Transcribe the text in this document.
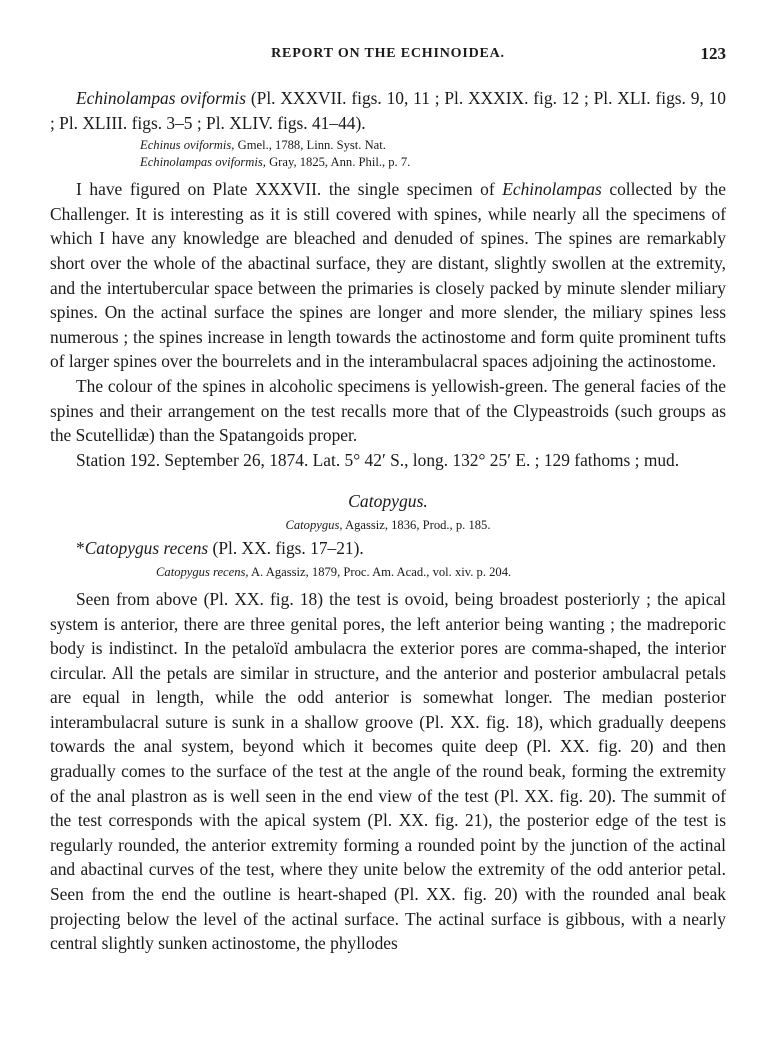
REPORT ON THE ECHINOIDEA.	123

Echinolampas oviformis (Pl. XXXVII. figs. 10, 11 ; Pl. XXXIX. fig. 12 ; Pl. XLI. figs. 9, 10 ; Pl. XLIII. figs. 3–5 ; Pl. XLIV. figs. 41–44).

Echinus oviformis, Gmel., 1788, Linn. Syst. Nat.
Echinolampas oviformis, Gray, 1825, Ann. Phil., p. 7.

I have figured on Plate XXXVII. the single specimen of Echinolampas collected by the Challenger. It is interesting as it is still covered with spines, while nearly all the specimens of which I have any knowledge are bleached and denuded of spines. The spines are remarkably short over the whole of the abactinal surface, they are distant, slightly swollen at the extremity, and the intertubercular space between the primaries is closely packed by minute slender miliary spines. On the actinal surface the spines are longer and more slender, the miliary spines less numerous ; the spines increase in length towards the actinostome and form quite prominent tufts of larger spines over the bourrelets and in the interambulacral spaces adjoining the actinostome.

The colour of the spines in alcoholic specimens is yellowish-green. The general facies of the spines and their arrangement on the test recalls more that of the Clypeastroids (such groups as the Scutellidæ) than the Spatangoids proper.

Station 192. September 26, 1874. Lat. 5° 42′ S., long. 132° 25′ E. ; 129 fathoms ; mud.

Catopygus.
Catopygus, Agassiz, 1836, Prod., p. 185.

*Catopygus recens (Pl. XX. figs. 17–21).

Catopygus recens, A. Agassiz, 1879, Proc. Am. Acad., vol. xiv. p. 204.

Seen from above (Pl. XX. fig. 18) the test is ovoid, being broadest posteriorly ; the apical system is anterior, there are three genital pores, the left anterior being wanting ; the madreporic body is indistinct. In the petaloïd ambulacra the exterior pores are comma-shaped, the interior circular. All the petals are similar in structure, and the anterior and posterior ambulacral petals are equal in length, while the odd anterior is somewhat longer. The median posterior interambulacral suture is sunk in a shallow groove (Pl. XX. fig. 18), which gradually deepens towards the anal system, beyond which it becomes quite deep (Pl. XX. fig. 20) and then gradually comes to the surface of the test at the angle of the round beak, forming the extremity of the anal plastron as is well seen in the end view of the test (Pl. XX. fig. 20). The summit of the test corresponds with the apical system (Pl. XX. fig. 21), the posterior edge of the test is regularly rounded, the anterior extremity forming a rounded point by the junction of the actinal and abactinal curves of the test, where they unite below the extremity of the odd anterior petal. Seen from the end the outline is heart-shaped (Pl. XX. fig. 20) with the rounded anal beak projecting below the level of the actinal surface. The actinal surface is gibbous, with a nearly central slightly sunken actinostome, the phyllodes
